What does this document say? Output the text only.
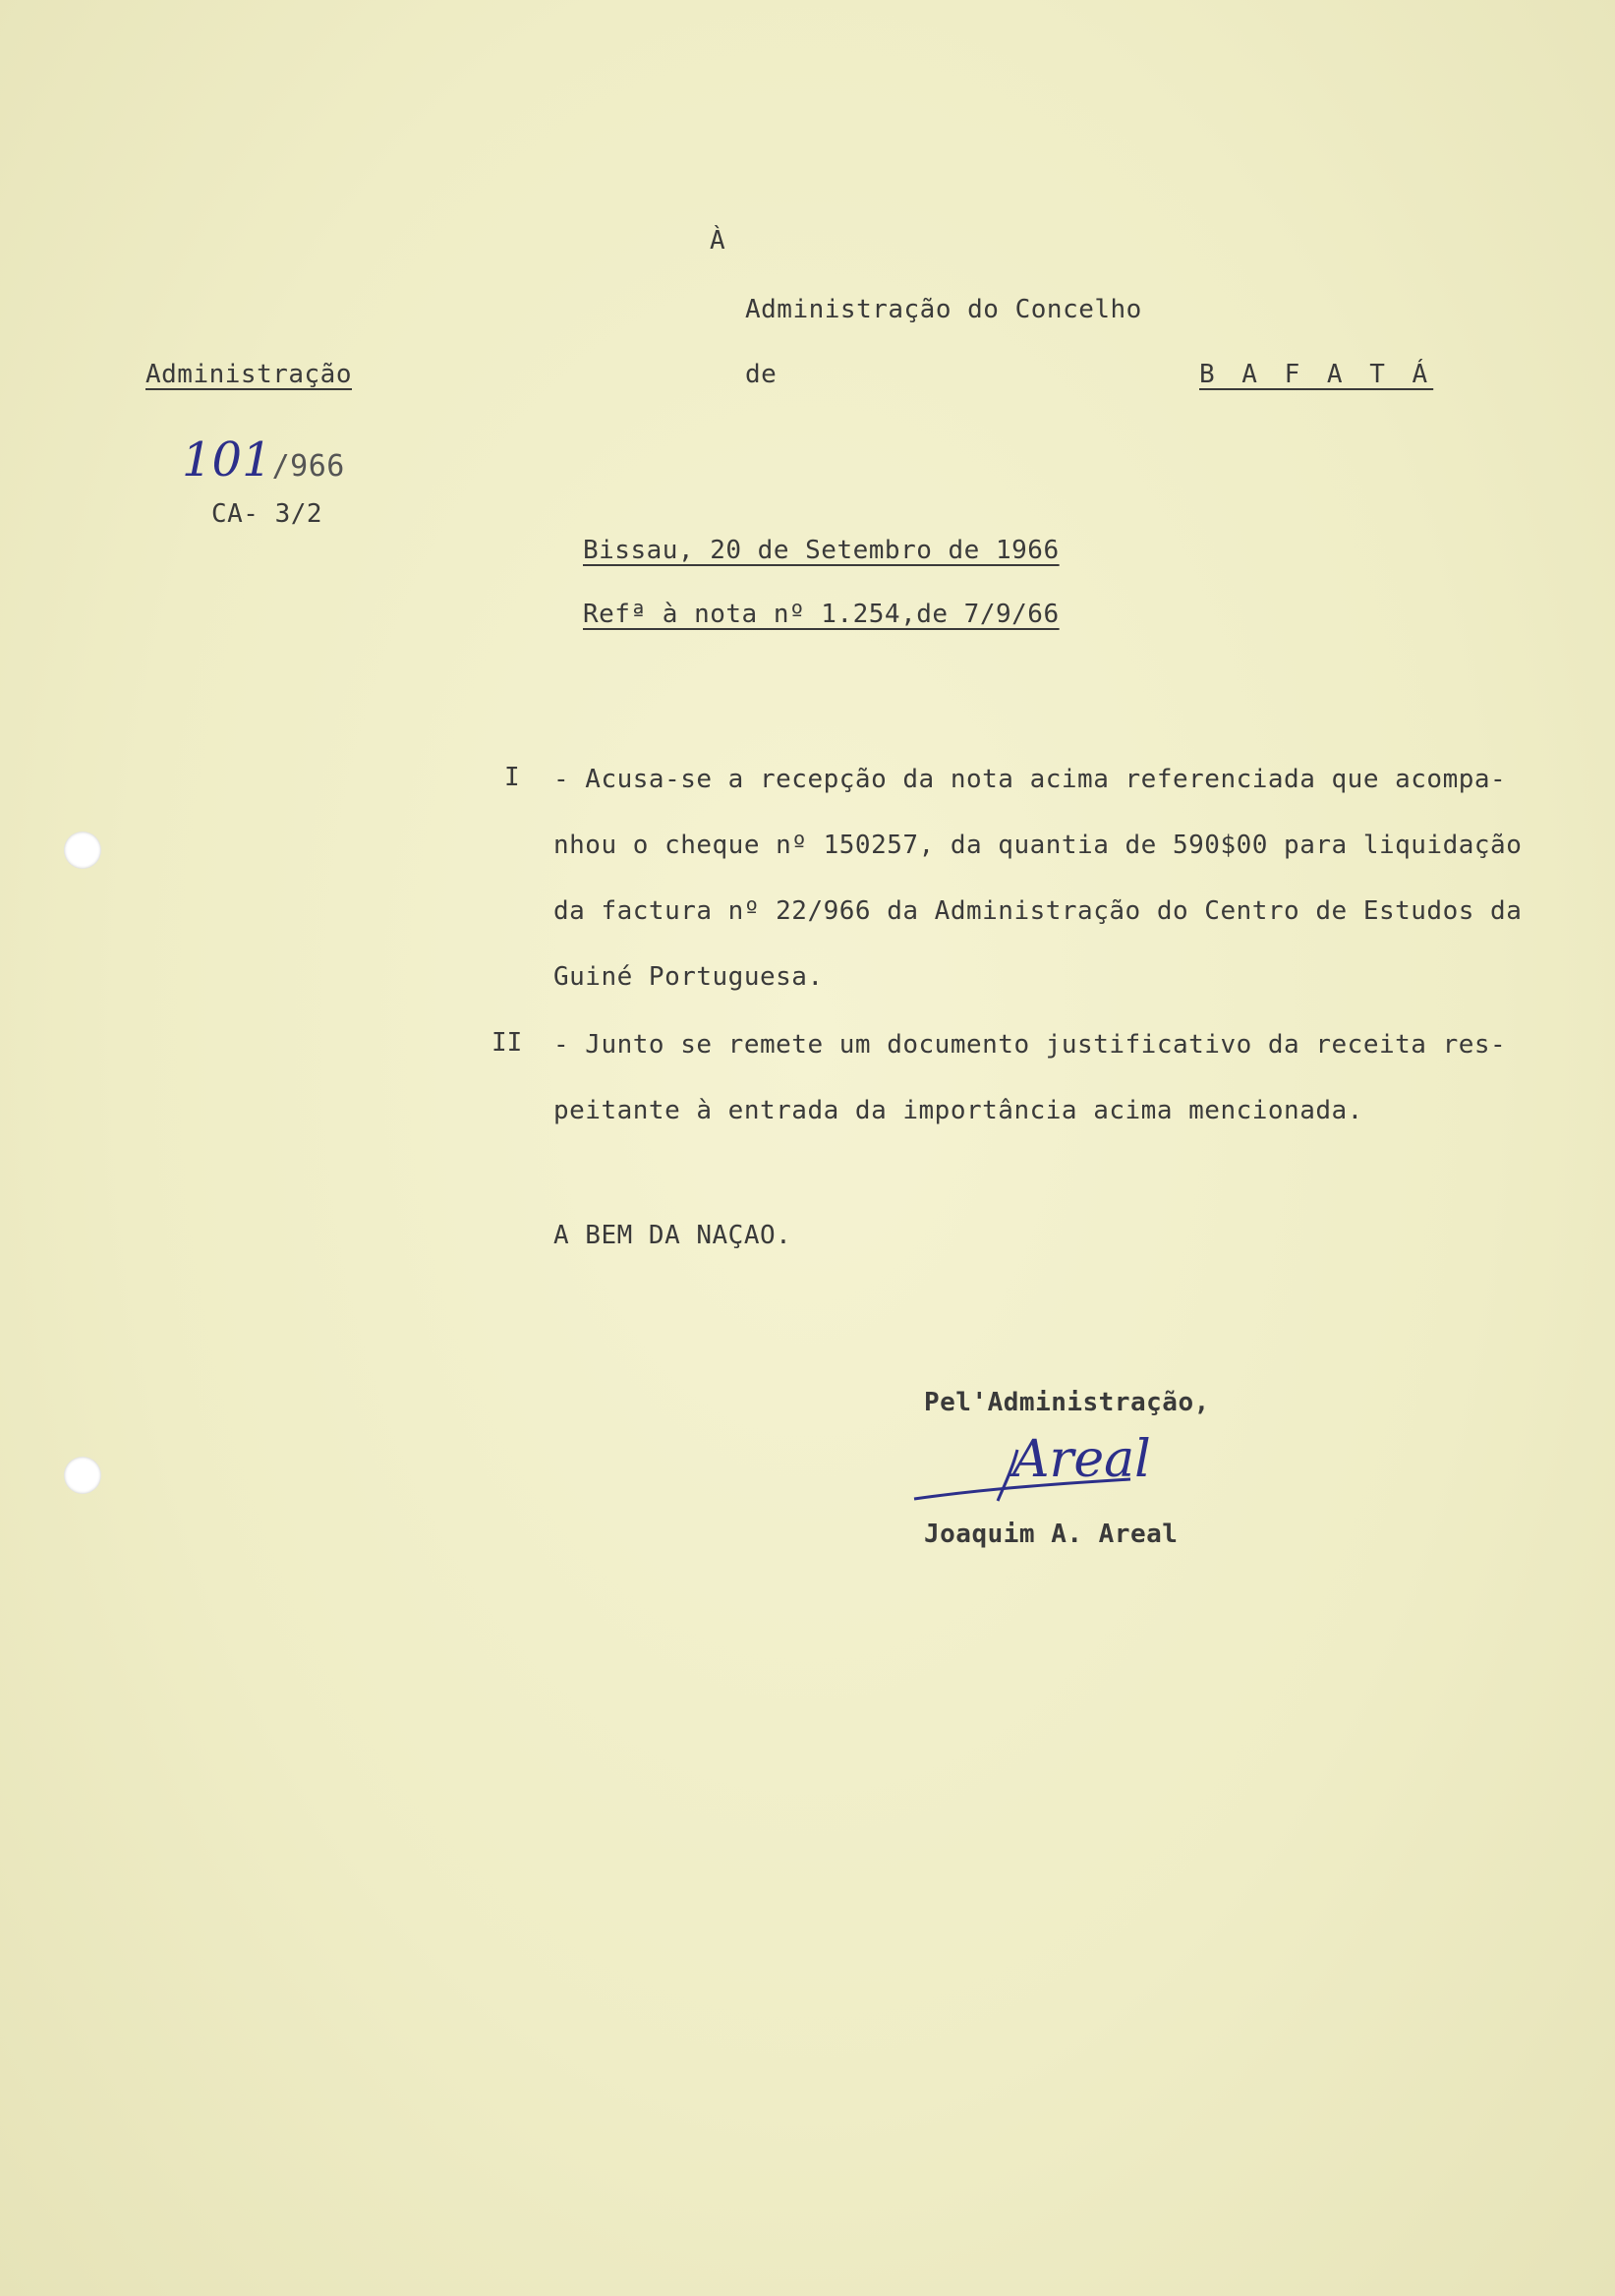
À
Administração do Concelho
de	B A F A T Á
Administração
101/966
CA- 3/2
Bissau, 20 de Setembro de 1966
Refª à nota nº 1.254,de 7/9/66
I - Acusa-se a recepção da nota acima referenciada que acompa-
nhou o cheque nº 150257, da quantia de 590$00 para liquidação
da factura nº 22/966 da Administração do Centro de Estudos da
Guiné Portuguesa.
II - Junto se remete um documento justificativo da receita res-
peitante à entrada da importância acima mencionada.
A BEM DA NAÇAO.
Pel'Administração,
Areal
Joaquim A. Areal
